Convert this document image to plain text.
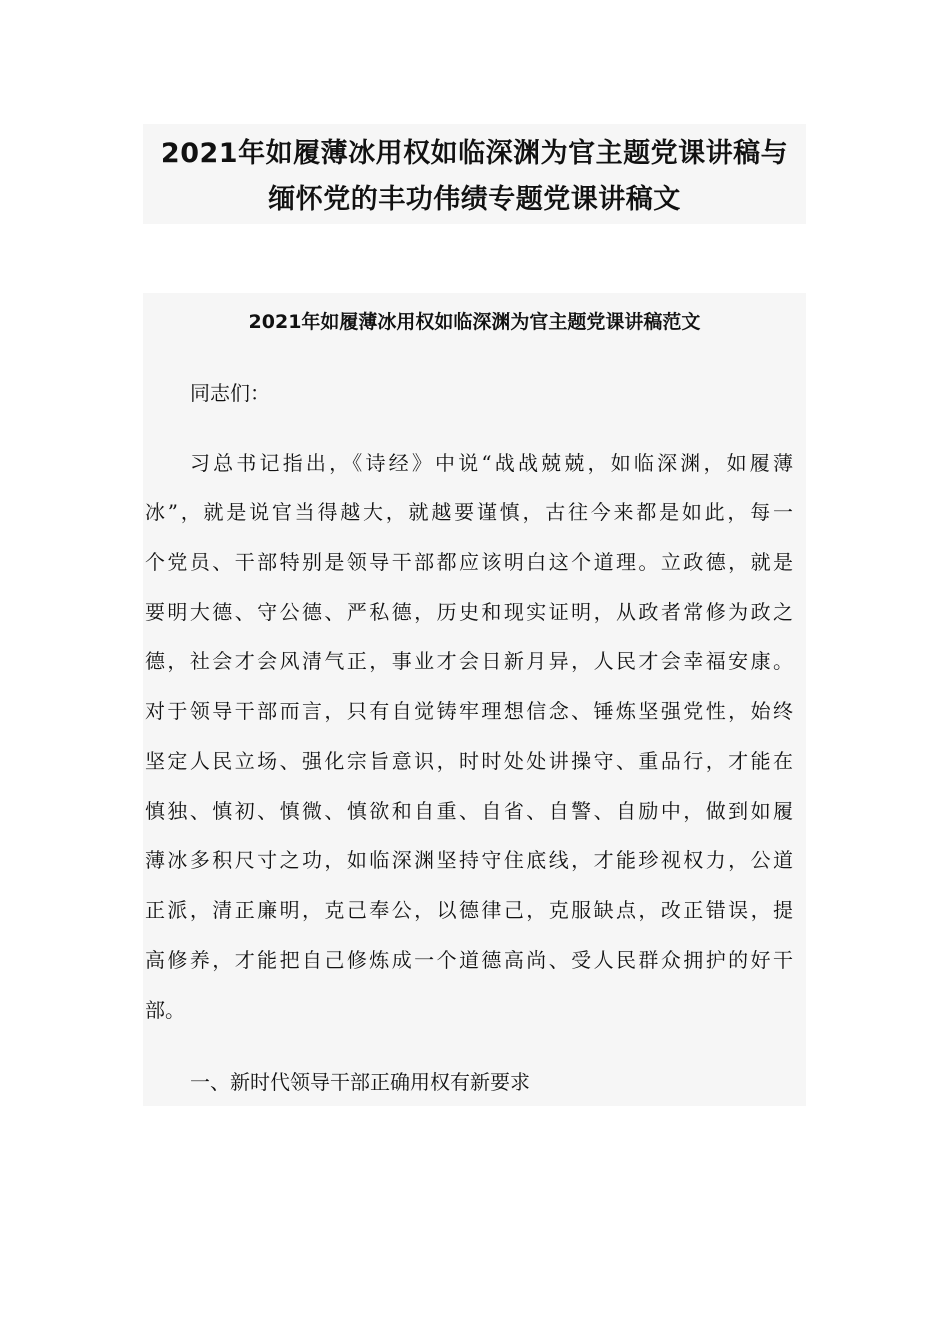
2021年如履薄冰用权如临深渊为官主题党课讲稿与
缅怀党的丰功伟绩专题党课讲稿文
2021年如履薄冰用权如临深渊为官主题党课讲稿范文
同志们：
习总书记指出，《诗经》中说“战战兢兢，如临深渊，如履薄
冰”，就是说官当得越大，就越要谨慎，古往今来都是如此，每一
个党员、干部特别是领导干部都应该明白这个道理。立政德，就是
要明大德、守公德、严私德，历史和现实证明，从政者常修为政之
德，社会才会风清气正，事业才会日新月异，人民才会幸福安康。
对于领导干部而言，只有自觉铸牢理想信念、锤炼坚强党性，始终
坚定人民立场、强化宗旨意识，时时处处讲操守、重品行，才能在
慎独、慎初、慎微、慎欲和自重、自省、自警、自励中，做到如履
薄冰多积尺寸之功，如临深渊坚持守住底线，才能珍视权力，公道
正派，清正廉明，克己奉公，以德律己，克服缺点，改正错误，提
高修养，才能把自己修炼成一个道德高尚、受人民群众拥护的好干
部。
一、新时代领导干部正确用权有新要求
